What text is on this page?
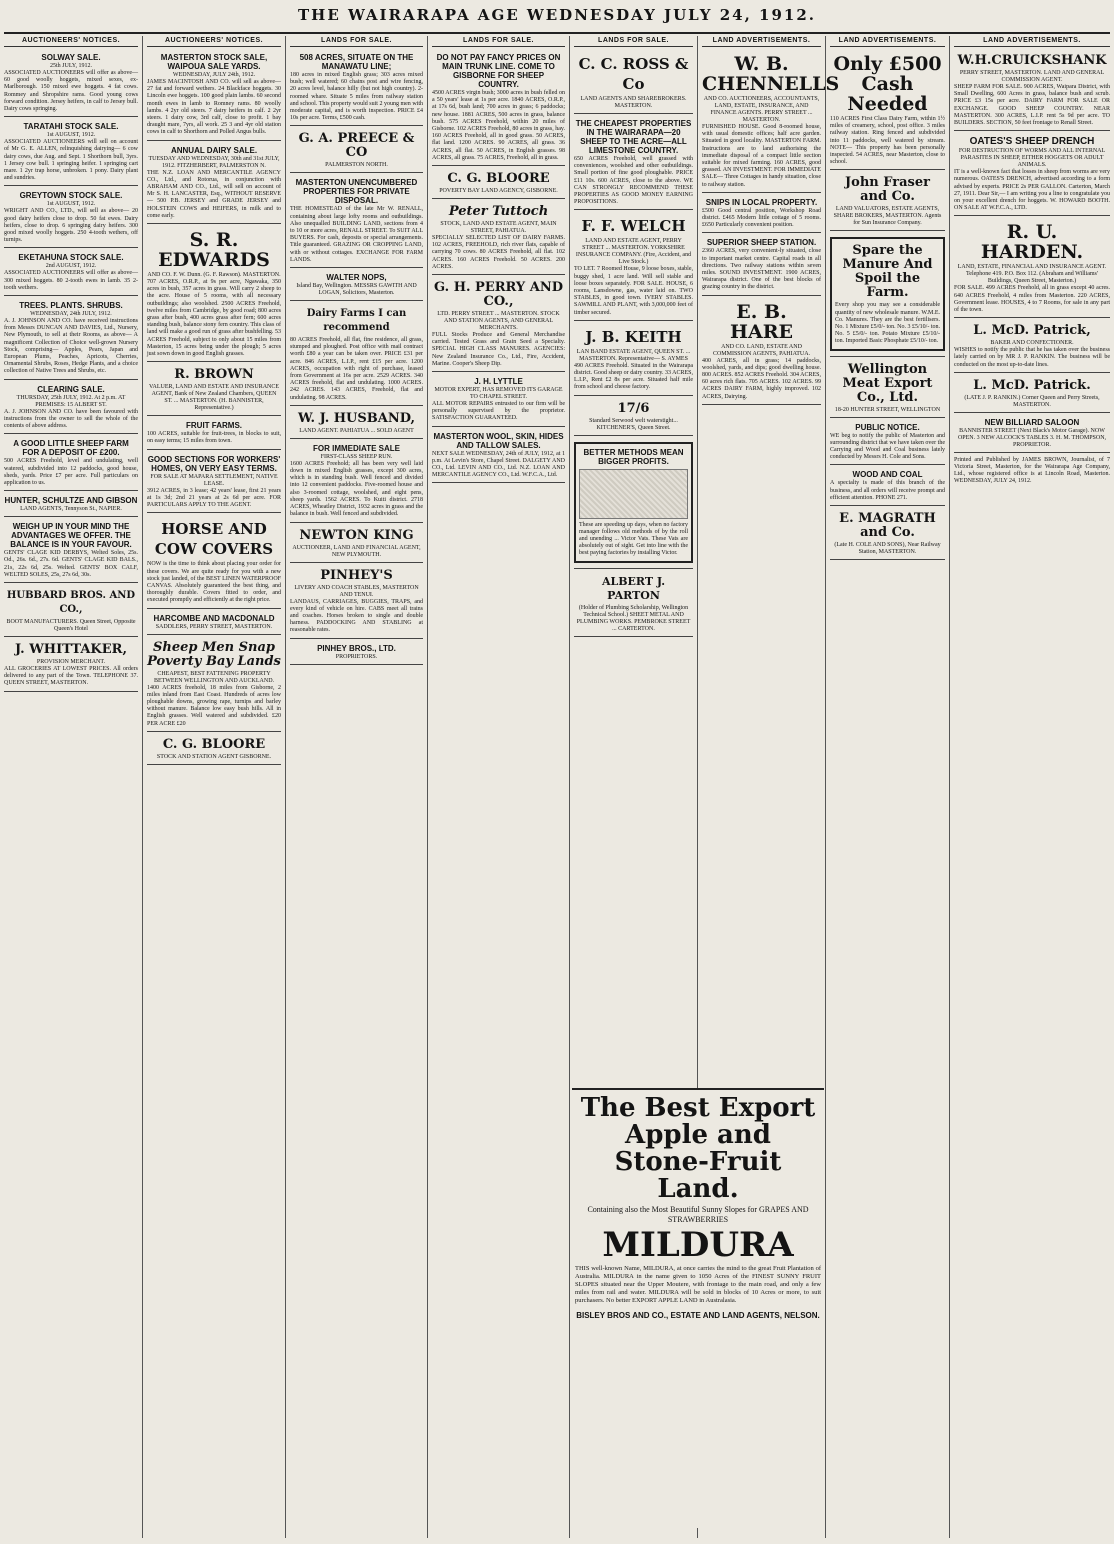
THE WAIRARAPA AGE WEDNESDAY JULY 24, 1912.
AUCTIONEERS' NOTICES.
SOLWAY SALE.
25th JULY, 1912.
ASSOCIATED AUCTIONEERS will offer as above— 60 good woolly hoggets, mixed sexes, ex-Marlborough. 150 mixed ewe hoggets. 4 fat cows. Rommey and Shropshire rams. Good young cows forward condition. Jersey heifers, in calf to Jersey bull. Dairy cows springing.
TARATAHI STOCK SALE.
1st AUGUST, 1912.
ASSOCIATED AUCTIONEERS will sell on account of Mr G. E. ALLEN, relinquishing dairying— 6 cow dairy cows, due Aug. and Sept. 1 Shorthorn bull, 3yrs. 1 Jersey cow bull. 1 springing heifer. 1 springing cart mare. 1 2yr trap horse, unbroken. 1 pony. Dairy plant and sundries.
GREYTOWN STOCK SALE.
1st AUGUST, 1912.
WRIGHT AND CO., LTD., will sell as above— 20 good dairy heifers close to drop. 50 fat ewes. Dairy heifers, close to drop. 6 springing dairy heifers. 300 good mixed woolly hoggets. 250 4-tooth wethers, off turnips.
EKETAHUNA STOCK SALE.
2nd AUGUST, 1912.
ASSOCIATED AUCTIONEERS will offer as above— 300 mixed hoggets. 80 2-tooth ewes in lamb. 35 2-tooth wethers.
TREES. PLANTS. SHRUBS.
WEDNESDAY, 24th JULY, 1912.
A. J. JOHNSON AND CO. have received instructions from Messrs DUNCAN AND DAVIES, Ltd., Nursery, New Plymouth, to sell at their Rooms, as above— A magnificent Collection of Choice well-grown Nursery Stock, comprising— Apples, Pears, Japan and European Plums, Peaches, Apricots, Cherries, Ornamental Shrubs, Roses, Hedge Plants, and a choice collection of Native Trees and Shrubs, etc.
CLEARING SALE.
THURSDAY, 25th JULY, 1912. At 2 p.m. AT PREMISES: 15 ALBERT ST.
A. J. JOHNSON AND CO. have been favoured with instructions from the owner to sell the whole of the contents of above address.
A GOOD LITTLE SHEEP FARM FOR A DEPOSIT OF £200.
500 ACRES Freehold, level and undulating, well watered, subdivided into 12 paddocks, good house, sheds, yards. Price £7 per acre. Full particulars on application to us.
HUNTER, SCHULTZE AND GIBSON
LAND AGENTS, Tennyson St., NAPIER.
WEIGH UP IN YOUR MIND THE ADVANTAGES WE OFFER. THE BALANCE IS IN YOUR FAVOUR.
GENTS' CLAGE KID DERBYS, Welted Soles, 25s. Od., 26s. 6d., 27s. 6d. GENTS' CLAGE KID BALS., 21s, 22s 6d, 25s. Welted. GENTS' BOX CALF, WELTED SOLES, 25s, 27s 6d, 30s.
HUBBARD BROS. AND CO.,
BOOT MANUFACTURERS. Queen Street, Opposite Queen's Hotel
J. WHITTAKER,
PROVISION MERCHANT.
ALL GROCERIES AT LOWEST PRICES. All orders delivered to any part of the Town. TELEPHONE 37. QUEEN STREET, MASTERTON.
AUCTIONEERS' NOTICES.
MASTERTON STOCK SALE, WAIPOUA SALE YARDS.
WEDNESDAY, JULY 24th, 1912.
JAMES MACINTOSH AND CO. will sell as above— 27 fat and forward wethers. 24 Blackface hoggets. 30 Lincoln ewe hoggets. 100 good plain lambs. 60 second month ewes in lamb to Romney rams. 80 woolly lambs. 4 2yr old steers. 7 dairy heifers in calf. 2 2yr steers. 1 dairy cow, 3rd calf, close to profit. 1 bay draught mare, 7yrs, all work. 25 3 and 4yr old station cows in calf to Shorthorn and Polled Angus bulls.
ANNUAL DAIRY SALE.
TUESDAY AND WEDNESDAY, 30th and 31st JULY, 1912. FITZHERBERT, PALMERSTON N.
THE N.Z. LOAN AND MERCANTILE AGENCY CO., Ltd., and Rotorua, in conjunction with ABRAHAM AND CO., Ltd., will sell on account of Mr S. H. LANCASTER, Esq., WITHOUT RESERVE— 500 P.B. JERSEY and GRADE JERSEY and HOLSTEIN COWS and HEIFERS, in milk and to come early.
S. R. EDWARDS
AND CO. F. W. Dunn. (G. F. Rawson). MASTERTON.
707 ACRES, O.R.P., at 9s per acre, Ngawaka, 350 acres in bush, 357 acres in grass. Will carry 2 sheep to the acre. House of 5 rooms, with all necessary outbuildings; also woolshed. 2500 ACRES Freehold, twelve miles from Cambridge, by good road; 800 acres grass after bush, 400 acres grass after fern; 600 acres standing bush, balance stony fern country. This class of land will make a good run of grass after bushfelling. 53 ACRES Freehold, subject to only about 15 miles from Masterton, 15 acres being under the plough; 5 acres just sown down in good English grasses.
R. BROWN
VALUER, LAND AND ESTATE AND INSURANCE AGENT, Bank of New Zealand Chambers, QUEEN ST. ... MASTERTON. (H. BANNISTER, Representative.)
FRUIT FARMS.
100 ACRES, suitable for fruit-trees, in blocks to suit, on easy terms; 15 miles from town.
GOOD SECTIONS FOR WORKERS' HOMES, ON VERY EASY TERMS.
FOR SALE AT MAPARA SETTLEMENT, NATIVE LEASE.
3912 ACRES, in 3 lease; 42 years' lease, first 21 years at 1s 3d; 2nd 21 years at 2s 6d per acre. FOR PARTICULARS APPLY TO THE AGENT.
HORSE AND COW COVERS
NOW is the time to think about placing your order for these covers. We are quite ready for you with a new stock just landed, of the BEST LINEN WATERPROOF CANVAS. Absolutely guaranteed the best thing, and thoroughly durable. Covers fitted to order, and executed promptly and efficiently at the right price.
HARCOMBE AND MACDONALD
SADDLERS, PERRY STREET, MASTERTON.
Sheep Men Snap Poverty Bay Lands
CHEAPEST, BEST FATTENING PROPERTY BETWEEN WELLINGTON AND AUCKLAND.
1400 ACRES freehold, 18 miles from Gisborne, 2 miles inland from East Coast. Hundreds of acres low ploughable downs, growing rape, turnips and barley without manure. Balance low easy bush hills. All in English grasses. Well watered and subdivided. £20 PER ACRE £20
C. G. BLOORE
STOCK AND STATION AGENT GISBORNE.
LANDS FOR SALE.
508 ACRES, SITUATE ON THE MANAWATU LINE;
180 acres in mixed English grass; 303 acres mixed bush; well watered; 60 chains post and wire fencing, 20 acres level, balance hilly (but not high country). 2-roomed whare. Situate 5 miles from railway station and school. This property would suit 2 young men with moderate capital, and is worth inspection. PRICE £4 10s per acre. Terms, £500 cash.
G. A. PREECE & CO
PALMERSTON NORTH.
MASTERTON UNENCUMBERED PROPERTIES FOR PRIVATE DISPOSAL.
THE HOMESTEAD of the late Mr W. RENALL, containing about large lofty rooms and outbuildings. Also unequalled BUILDING LAND, sections from 4 to 10 or more acres, RENALL STREET. To SUIT ALL BUYERS. For cash, deposits or special arrangements. Title guaranteed. GRAZING OR CROPPING LAND, with or without cottages. EXCHANGE FOR FARM LANDS.
WALTER NOPS,
Island Bay, Wellington. MESSRS GAWITH AND LOGAN, Solicitors, Masterton.
Dairy Farms I can recommend
80 ACRES Freehold, all flat, fine residence, all grass, stumped and ploughed. Post office with mail contract worth £80 a year can be taken over. PRICE £31 per acre. 846 ACRES, L.I.P., rent £15 per acre. 1200 ACRES, occupation with right of purchase, leased from Government at 16s per acre. 2529 ACRES. 340 ACRES freehold, flat and undulating. 1000 ACRES. 242 ACRES. 143 ACRES, Freehold, flat and undulating. 98 ACRES.
W. J. HUSBAND,
LAND AGENT. PAHIATUA ... SOLD AGENT
FOR IMMEDIATE SALE
FIRST-CLASS SHEEP RUN.
1600 ACRES Freehold; all has been very well laid down in mixed English grasses, except 300 acres, which is in standing bush. Well fenced and divided into 12 convenient paddocks. Five-roomed house and also 3-roomed cottage, woolshed, and eight pens, sheep yards. 1562 ACRES. To Kuiti district. 2718 ACRES, Wheatley District, 1932 acres in grass and the balance in bush. Well fenced and subdivided.
NEWTON KING
AUCTIONEER, LAND AND FINANCIAL AGENT, NEW PLYMOUTH.
PINHEY'S
LIVERY AND COACH STABLES, MASTERTON AND TENUI.
LANDAUS, CARRIAGES, BUGGIES, TRAPS, and every kind of vehicle on hire. CABS meet all trains and coaches. Horses broken to single and double harness. PADDOCKING AND STABLING at reasonable rates.
PINHEY BROS., LTD.
PROPRIETORS.
LANDS FOR SALE.
DO NOT PAY FANCY PRICES ON MAIN TRUNK LINE. COME TO GISBORNE FOR SHEEP COUNTRY.
4500 ACRES virgin bush; 3000 acres in bush felled on a 50 years' lease at 1s per acre. 1840 ACRES, O.R.P., at 17s 6d, bush land; 700 acres in grass; 6 paddocks; new house. 1881 ACRES, 500 acres in grass, balance bush. 575 ACRES Freehold, within 20 miles of Gisborne. 102 ACRES Freehold, 80 acres in grass, hay. 160 ACRES Freehold, all in good grass. 50 ACRES, flat land. 1200 ACRES. 90 ACRES, all grass. 36 ACRES, all flat. 50 ACRES, in English grasses. 98 ACRES, all grass. 75 ACRES, Freehold, all in grass.
C. G. BLOORE
POVERTY BAY LAND AGENCY, GISBORNE.
Peter Tuttoch
STOCK, LAND AND ESTATE AGENT, MAIN STREET, PAHIATUA.
SPECIALLY SELECTED LIST OF DAIRY FARMS. 102 ACRES, FREEHOLD, rich river flats, capable of carrying 70 cows. 80 ACRES Freehold, all flat. 102 ACRES. 160 ACRES Freehold. 50 ACRES. 200 ACRES.
G. H. PERRY AND CO.,
LTD. PERRY STREET ... MASTERTON. STOCK AND STATION AGENTS, AND GENERAL MERCHANTS.
FULL Stocks Produce and General Merchandise carried. Tested Grass and Grain Seed a Specialty. SPECIAL HIGH CLASS MANURES. AGENCIES: New Zealand Insurance Co., Ltd., Fire, Accident, Marine. Cooper's Sheep Dip.
J. H. LYTTLE
MOTOR EXPERT, HAS REMOVED ITS GARAGE TO CHAPEL STREET.
ALL MOTOR REPAIRS entrusted to our firm will be personally supervised by the proprietor. SATISFACTION GUARANTEED.
MASTERTON WOOL, SKIN, HIDES AND TALLOW SALES.
NEXT SALE WEDNESDAY, 24th of JULY, 1912, at 1 p.m. At Levin's Store, Chapel Street. DALGETY AND CO., Ltd. LEVIN AND CO., Ltd. N.Z. LOAN AND MERCANTILE AGENCY CO., Ltd. W.F.C.A., Ltd.
LANDS FOR SALE.
C. C. ROSS & Co
LAND AGENTS AND SHAREBROKERS. MASTERTON.
THE CHEAPEST PROPERTIES IN THE WAIRARAPA—20 SHEEP TO THE ACRE—ALL LIMESTONE COUNTRY.
650 ACRES Freehold, well grassed with conveniences, woolshed and other outbuildings. Small portion of fine good ploughable. PRICE £11 10s. 600 ACRES, close to the above. WE CAN STRONGLY RECOMMEND THESE PROPERTIES AS GOOD MONEY EARNING PROPOSITIONS.
F. F. WELCH
LAND AND ESTATE AGENT, PERRY STREET ... MASTERTON. YORKSHIRE INSURANCE COMPANY. (Fire, Accident, and Live Stock.)
TO LET. 7 Roomed House, 9 loose boxes, stable, buggy shed, 1 acre land. Will sell stable and loose boxes separately. FOR SALE. HOUSE, 6 rooms, Lansdowne, gas, water laid on. TWO STABLES, in good town. IVERY STABLES. SAWMILL AND PLANT, with 3,000,000 feet of timber secured.
J. B. KEITH
LAN BAND ESTATE AGENT, QUEEN ST. ... MASTERTON. Representative— S. AYMES
490 ACRES Freehold. Situated in the Wairarapa district. Good sheep or dairy country. 33 ACRES, L.I.P., Rent £2 8s per acre. Situated half mile from school and cheese factory.
17/6
Standard Serwood welt waterstight... KITCHENER'S, Queen Street.
BETTER METHODS MEAN BIGGER PROFITS.
These are speeding up days, when no factory manager follows old methods of by the roll and unending ... Victor Vats. These Vats are absolutely out of sight. Get into line with the best paying factories by installing Victor.
ALBERT J. PARTON
(Holder of Plumbing Scholarship, Wellington Technical School.) SHEET METAL AND PLUMBING WORKS. PEMBROKE STREET ... CARTERTON.
LAND ADVERTISEMENTS.
W. B. CHENNELLS
AND CO. AUCTIONEERS, ACCOUNTANTS, LAND, ESTATE, INSURANCE, AND FINANCE AGENTS. PERRY STREET ... MASTERTON.
FURNISHED HOUSE. Good 8-roomed house, with usual domestic offices; half acre garden. Situated in good locality. MASTERTON FARM. Instructions are to land authorising the immediate disposal of a compact little section suitable for mixed farming. 160 ACRES, good grassed. AN INVESTMENT. FOR IMMEDIATE SALE— Three Cottages in handy situation, close to railway station.
SNIPS IN LOCAL PROPERTY.
£500 Good central position, Workshop Road district. £465 Modern little cottage of 5 rooms. £650 Particularly convenient position.
SUPERIOR SHEEP STATION.
2360 ACRES, very convenient-ly situated, close to important market centre. Capital roads in all directions. Two railway stations within seven miles. SOUND INVESTMENT. 1900 ACRES, Wairarapa district. One of the best blocks of grazing country in the district.
E. B. HARE
AND CO. LAND, ESTATE AND COMMISSION AGENTS, PAHIATUA.
400 ACRES, all in grass; 14 paddocks, woolshed, yards, and dips; good dwelling house. 800 ACRES. 852 ACRES Freehold. 304 ACRES, 60 acres rich flats. 705 ACRES. 102 ACRES. 99 ACRES DAIRY FARM, highly improved. 102 ACRES, Dairying.
The Best Export Apple and Stone-Fruit Land.
Containing also the Most Beautiful Sunny Slopes for GRAPES AND STRAWBERRIES
MILDURA
THIS well-known Name, MILDURA, at once carries the mind to the great Fruit Plantation of Australia. MILDURA in the name given to 1050 Acres of the FINEST SUNNY FRUIT SLOPES situated near the Upper Moutere, with frontage to the main road, and only a few miles from rail and water. MILDURA will be sold in blocks of 10 Acres or more, to suit purchasers. No better EXPORT APPLE LAND in Australasia.
BISLEY BROS AND CO., ESTATE AND LAND AGENTS, NELSON.
LAND ADVERTISEMENTS.
Only £500 Cash Needed
110 ACRES First Class Dairy Farm, within 1½ miles of creamery, school, post office. 3 miles railway station. Ring fenced and subdivided into 11 paddocks, well watered by stream. NOTE— This property has been personally inspected. 54 ACRES, near Masterton, close to school.
John Fraser and Co.
LAND VALUATORS, ESTATE AGENTS, SHARE BROKERS, MASTERTON. Agents for Sun Insurance Company.
Spare the Manure And Spoil the Farm.
Every shop you may see a considerable quantity of new wholesale manure. W.M.E. Co. Manures. They are the best fertilisers. No. 1 Mixture £5/0/- ton. No. 3 £5/10/- ton. No. 5 £5/0/- ton. Potato Mixture £5/10/- ton. Imported Basic Phosphate £5/10/- ton.
Wellington Meat Export Co., Ltd.
18-20 HUNTER STREET, WELLINGTON
PUBLIC NOTICE.
WE beg to notify the public of Masterton and surrounding district that we have taken over the Carrying and Wood and Coal business lately conducted by Messrs H. Cole and Sons.
WOOD AND COAL
A specialty is made of this branch of the business, and all orders will receive prompt and efficient attention. PHONE 271.
E. MAGRATH and Co.
(Late H. COLE AND SONS), Near Railway Station, MASTERTON.
LAND ADVERTISEMENTS.
W.H.CRUICKSHANK
PERRY STREET, MASTERTON. LAND AND GENERAL COMMISSION AGENT.
SHEEP FARM FOR SALE. 900 ACRES, Waipara District, with Small Dwelling, 600 Acres in grass, balance bush and scrub. PRICE £3 15s per acre. DAIRY FARM FOR SALE OR EXCHANGE. GOOD SHEEP COUNTRY. NEAR MASTERTON. 300 ACRES, L.I.P. rent 5s 9d per acre. TO BUILDERS. SECTION, 50 feet frontage to Renall Street.
OATES'S SHEEP DRENCH
FOR DESTRUCTION OF WORMS AND ALL INTERNAL PARASITES IN SHEEP, EITHER HOGGETS OR ADULT ANIMALS.
IT is a well-known fact that losses in sheep from worms are very numerous. OATES'S DRENCH, advertised according to a form advised by experts. PRICE 2s PER GALLON. Carterton, March 27, 1911. Dear Sir,— I am writing you a line to congratulate you on your excellent drench for hoggets. W. HOWARD BOOTH. ON SALE AT W.F.C.A., LTD.
R. U. HARDEN.
LAND, ESTATE, FINANCIAL AND INSURANCE AGENT. Telephone 419. P.O. Box 112. (Abraham and Williams' Buildings, Queen Street, Masterton.)
FOR SALE. 499 ACRES Freehold, all in grass except 40 acres. 640 ACRES Freehold, 4 miles from Masterton. 220 ACRES, Government lease. HOUSES, 4 to 7 Rooms, for sale in any part of the town.
L. McD. Patrick,
BAKER AND CONFECTIONER.
WISHES to notify the public that he has taken over the business lately carried on by MR J. P. RANKIN. The business will be conducted on the most up-to-date lines.
L. McD. Patrick.
(LATE J. P. RANKIN.) Corner Queen and Perry Streets, MASTERTON.
NEW BILLIARD SALOON
BANNISTER STREET (Next Black's Motor Garage). NOW OPEN. 3 NEW ALCOCK'S TABLES 3. H. M. THOMPSON, PROPRIETOR.
Printed and Published by JAMES BROWN, Journalist, of 7 Victoria Street, Masterton, for the Wairarapa Age Company, Ltd., whose registered office is at Lincoln Road, Masterton. WEDNESDAY, JULY 24, 1912.
